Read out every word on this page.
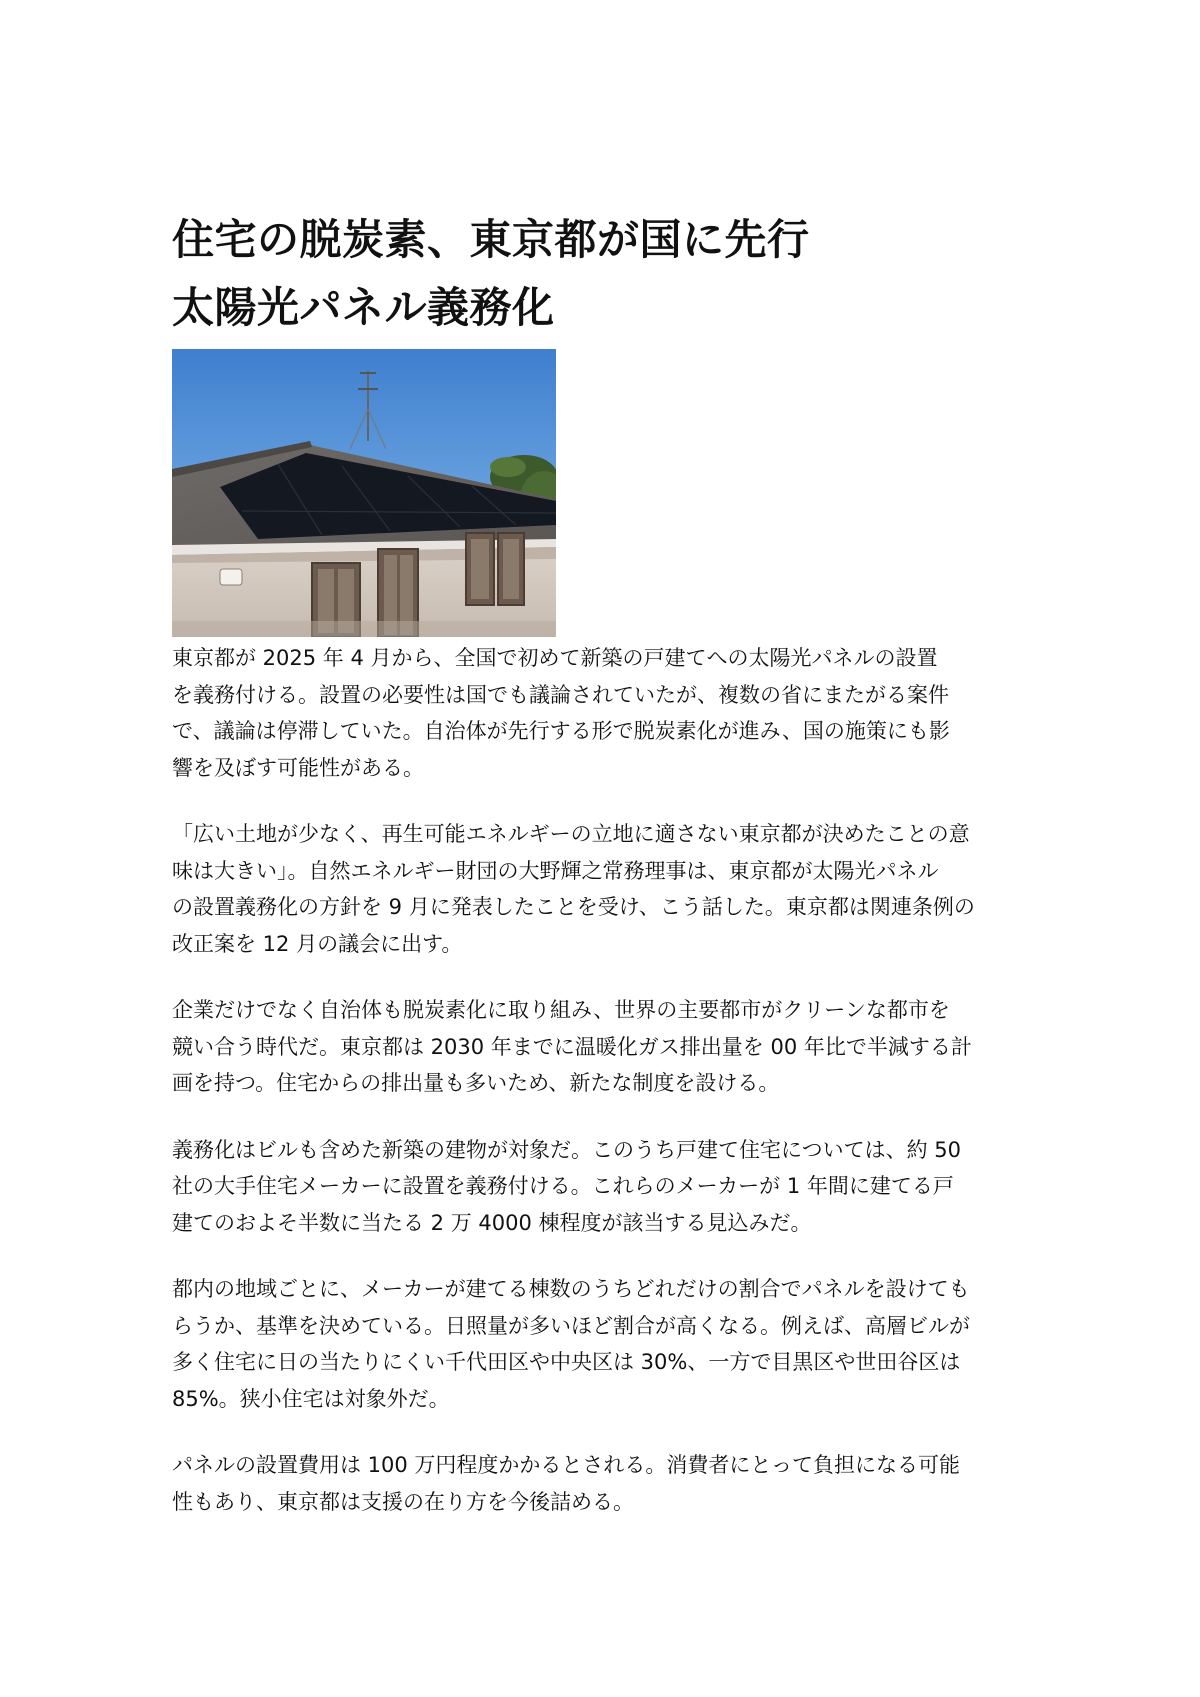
住宅の脱炭素、東京都が国に先行
太陽光パネル義務化

東京都が 2025 年 4 月から、全国で初めて新築の戸建てへの太陽光パネルの設置
を義務付ける。設置の必要性は国でも議論されていたが、複数の省にまたがる案件
で、議論は停滞していた。自治体が先行する形で脱炭素化が進み、国の施策にも影
響を及ぼす可能性がある。

「広い土地が少なく、再生可能エネルギーの立地に適さない東京都が決めたことの意
味は大きい」。自然エネルギー財団の大野輝之常務理事は、東京都が太陽光パネル
の設置義務化の方針を 9 月に発表したことを受け、こう話した。東京都は関連条例の
改正案を 12 月の議会に出す。

企業だけでなく自治体も脱炭素化に取り組み、世界の主要都市がクリーンな都市を
競い合う時代だ。東京都は 2030 年までに温暖化ガス排出量を 00 年比で半減する計
画を持つ。住宅からの排出量も多いため、新たな制度を設ける。

義務化はビルも含めた新築の建物が対象だ。このうち戸建て住宅については、約 50
社の大手住宅メーカーに設置を義務付ける。これらのメーカーが 1 年間に建てる戸
建てのおよそ半数に当たる 2 万 4000 棟程度が該当する見込みだ。

都内の地域ごとに、メーカーが建てる棟数のうちどれだけの割合でパネルを設けても
らうか、基準を決めている。日照量が多いほど割合が高くなる。例えば、高層ビルが
多く住宅に日の当たりにくい千代田区や中央区は 30%、一方で目黒区や世田谷区は
85%。狭小住宅は対象外だ。

パネルの設置費用は 100 万円程度かかるとされる。消費者にとって負担になる可能
性もあり、東京都は支援の在り方を今後詰める。
